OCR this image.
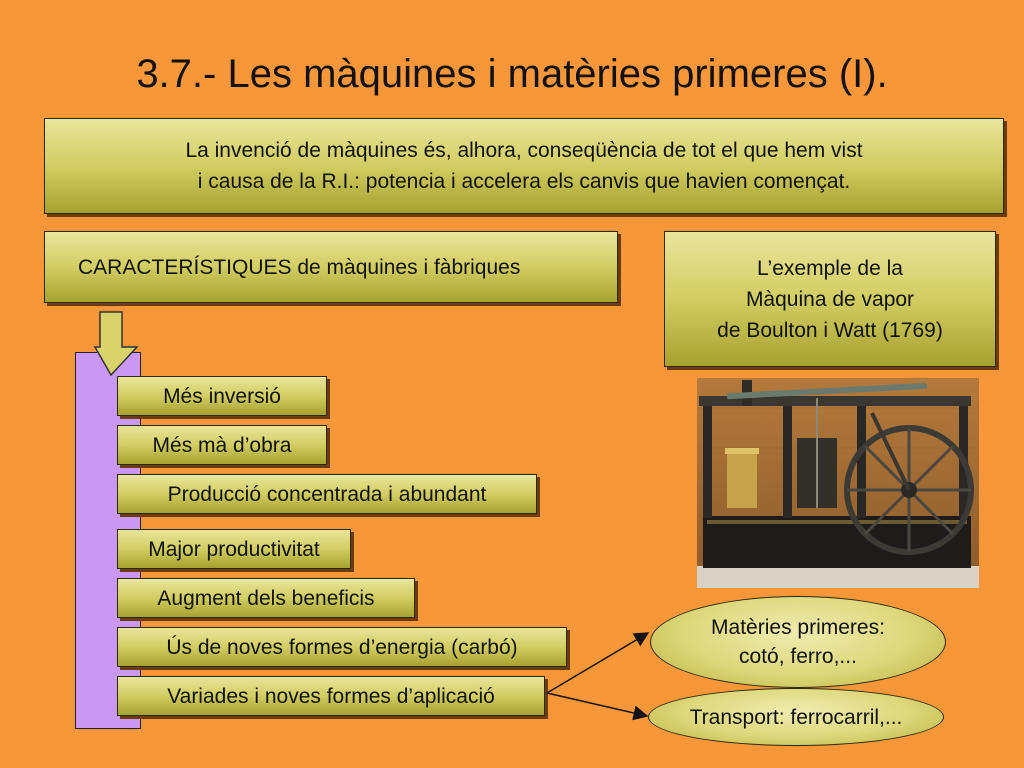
3.7.- Les màquines i matèries primeres (I).
La invenció de màquines és, alhora, conseqüència de tot el que hem vist
i causa de la R.I.: potencia i accelera els canvis que havien començat.
CARACTERÍSTIQUES de màquines i fàbriques	L’exemple de la
Màquina de vapor
de Boulton i Watt (1769)
Més inversió
Més mà d’obra
Producció concentrada i abundant
Major productivitat
Augment dels beneficis
Ús de noves formes d’energia (carbó)
Variades i noves formes d’aplicació
Matèries primeres:
cotó, ferro,...
Transport: ferrocarril,...
